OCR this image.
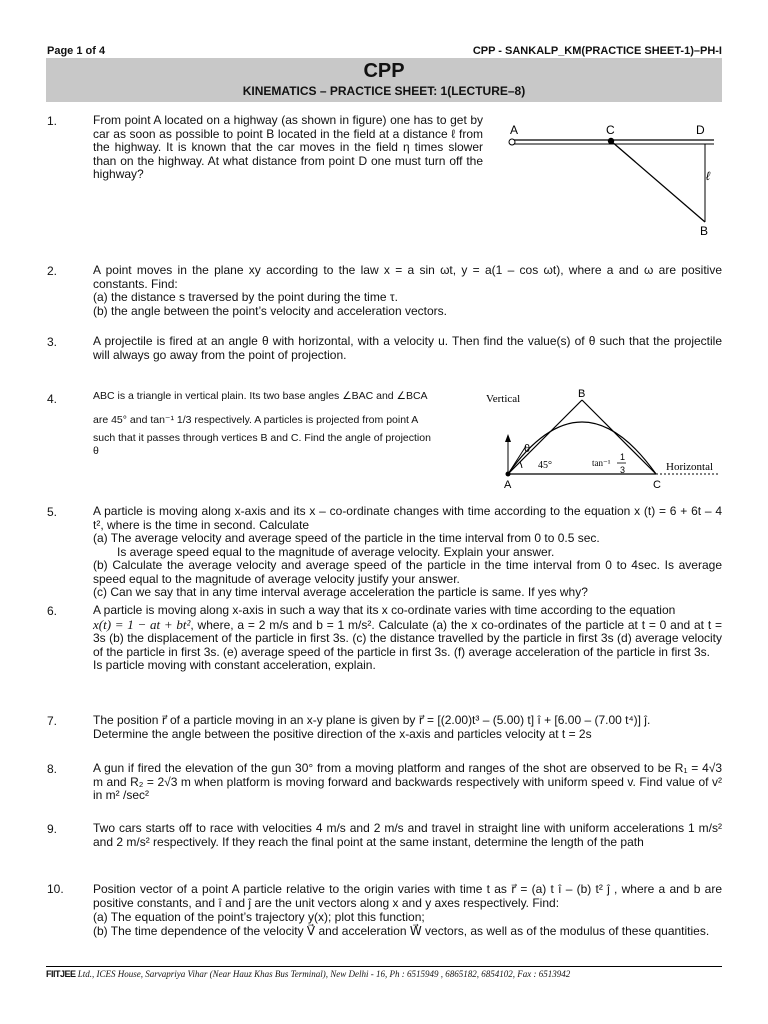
Page 1 of 4	CPP - SANKALP_KM(PRACTICE SHEET-1)–PH-I
CPP
KINEMATICS – PRACTICE SHEET: 1(LECTURE–8)
1.	From point A located on a highway (as shown in figure) one has to get by car as soon as possible to point B located in the field at a distance ℓ from the highway. It is known that the car moves in the field η times slower than on the highway. At what distance from point D one must turn off the highway?

A	C	D
B
ℓ
2.	A point moves in the plane xy according to the law x = a sin ωt, y = a(1 – cos ωt), where a and ω are positive constants. Find:

(a) the distance s traversed by the point during the time τ.

(b) the angle between the point’s velocity and acceleration vectors.

3.	A projectile is fired at an angle θ with horizontal, with a velocity u. Then find the value(s) of θ such that the projectile will always go away from the point of projection.

4.	ABC is a triangle in vertical plain. Its two base angles ∠BAC and ∠BCA

are 45° and tan⁻¹ 1/3 respectively. A particles is projected from point A

such that it passes through vertices B and C. Find the angle of projection

θ

Vertical
Horizontal
B
A	C
θ
45°	tan⁻¹
1
3
5.	A particle is moving along x-axis and its x – co-ordinate changes with time according to the equation x (t) = 6 + 6t – 4 t², where is the time in second. Calculate

(a) The average velocity and average speed of the particle in the time interval from 0 to 0.5 sec.

Is average speed equal to the magnitude of average velocity. Explain your answer.

(b) Calculate the average velocity and average speed of the particle in the time interval from 0 to 4sec. Is average speed equal to the magnitude of average velocity justify your answer.

(c) Can we say that in any time interval average acceleration the particle is same. If yes why?

6.	A particle is moving along x-axis in such a way that its x co-ordinate varies with time according to the equation

x(t) = 1 − at + bt², where, a = 2 m/s and b = 1 m/s². Calculate (a) the x co-ordinates of the particle at t = 0 and at t = 3s (b) the displacement of the particle in first 3s. (c) the distance travelled by the particle in first 3s (d) average velocity of the particle in first 3s. (e) average speed of the particle in first 3s. (f) average acceleration of the particle in first 3s.

Is particle moving with constant acceleration, explain.

7.	The position r⃗ of a particle moving in an x-y plane is given by r⃗ = [(2.00)t³ – (5.00) t] î + [6.00 – (7.00 t⁴)] ĵ.

Determine the angle between the positive direction of the x-axis and particles velocity at t = 2s

8.	A gun if fired the elevation of the gun 30° from a moving platform and ranges of the shot are observed to be R₁ = 4√3 m and R₂ = 2√3 m when platform is moving forward and backwards respectively with uniform speed v. Find value of v² in m² /sec²

9.	Two cars starts off to race with velocities 4 m/s and 2 m/s and travel in straight line with uniform accelerations 1 m/s² and 2 m/s² respectively. If they reach the final point at the same instant, determine the length of the path

10. Position vector of a point A particle relative to the origin varies with time t as r⃗ = (a) t î – (b) t² ĵ , where a and b are positive constants, and î and ĵ are the unit vectors along x and y axes respectively. Find:

(a) The equation of the point’s trajectory y(x); plot this function;

(b) The time dependence of the velocity V⃗ and acceleration W⃗ vectors, as well as of the modulus of these quantities.

FIITJEE Ltd., ICES House, Sarvapriya Vihar (Near Hauz Khas Bus Terminal), New Delhi - 16, Ph : 6515949 , 6865182, 6854102, Fax : 6513942
